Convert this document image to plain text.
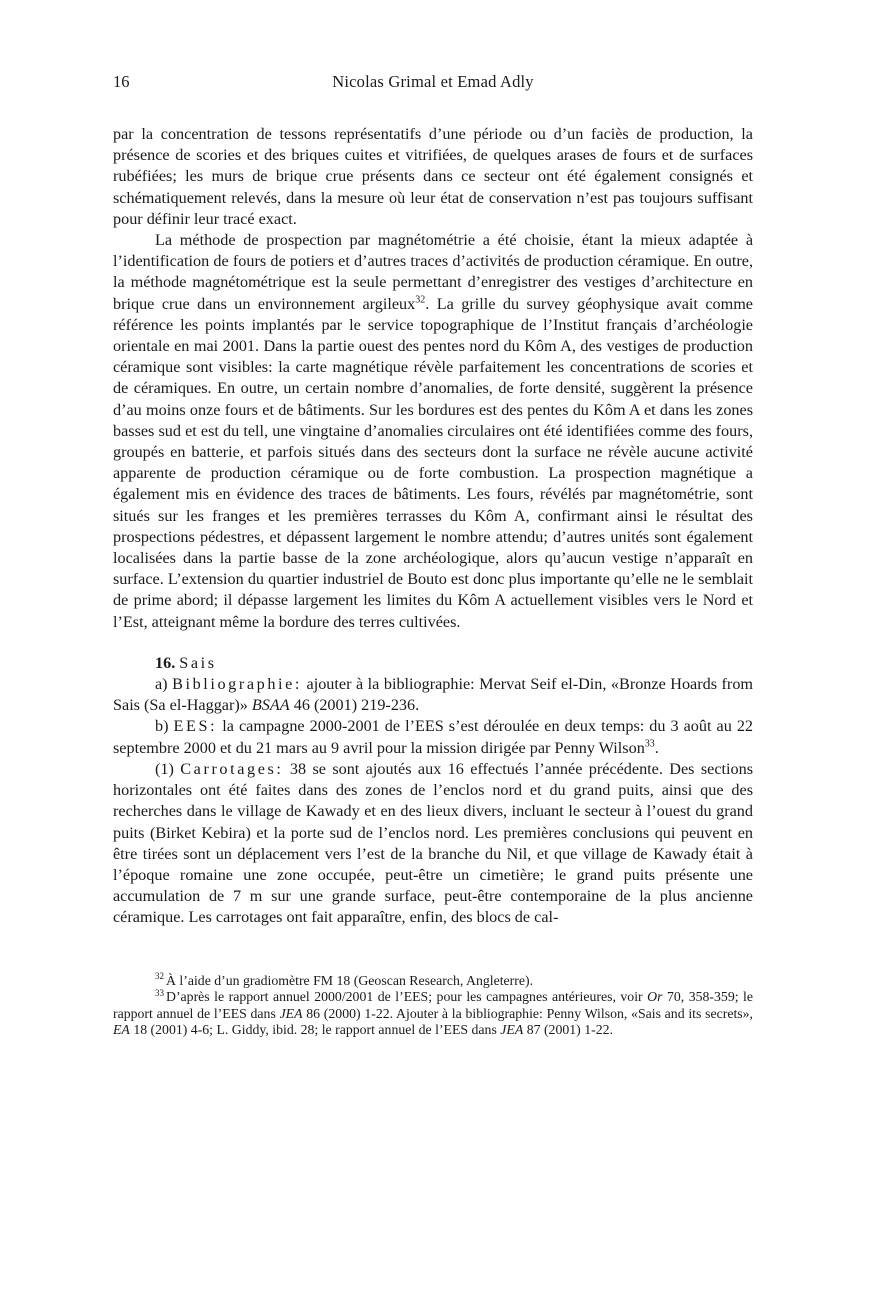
16	Nicolas Grimal et Emad Adly

par la concentration de tessons représentatifs d’une période ou d’un faciès de production, la présence de scories et des briques cuites et vitrifiées, de quelques arases de fours et de surfaces rubéfiées; les murs de brique crue présents dans ce secteur ont été également consignés et schématiquement relevés, dans la mesure où leur état de conservation n’est pas toujours suffisant pour définir leur tracé exact.

La méthode de prospection par magnétométrie a été choisie, étant la mieux adaptée à l’identification de fours de potiers et d’autres traces d’activités de production céramique. En outre, la méthode magnétométrique est la seule permettant d’enregistrer des vestiges d’architecture en brique crue dans un environnement argileux$^{32}$. La grille du survey géophysique avait comme référence les points implantés par le service topographique de l’Institut français d’archéologie orientale en mai 2001. Dans la partie ouest des pentes nord du Kôm A, des vestiges de production céramique sont visibles: la carte magnétique révèle parfaitement les concentrations de scories et de céramiques. En outre, un certain nombre d’anomalies, de forte densité, suggèrent la présence d’au moins onze fours et de bâtiments. Sur les bordures est des pentes du Kôm A et dans les zones basses sud et est du tell, une vingtaine d’anomalies circulaires ont été identifiées comme des fours, groupés en batterie, et parfois situés dans des secteurs dont la surface ne révèle aucune activité apparente de production céramique ou de forte combustion. La prospection magnétique a également mis en évidence des traces de bâtiments. Les fours, révélés par magnétométrie, sont situés sur les franges et les premières terrasses du Kôm A, confirmant ainsi le résultat des prospections pédestres, et dépassent largement le nombre attendu; d’autres unités sont également localisées dans la partie basse de la zone archéologique, alors qu’aucun vestige n’apparaît en surface. L’extension du quartier industriel de Bouto est donc plus importante qu’elle ne le semblait de prime abord; il dépasse largement les limites du Kôm A actuellement visibles vers le Nord et l’Est, atteignant même la bordure des terres cultivées.

16. Sais

a) Bibliographie: ajouter à la bibliographie: Mervat Seif el-Din, «Bronze Hoards from Sais (Sa el-Haggar)» BSAA 46 (2001) 219-236.

b) EES: la campagne 2000-2001 de l’EES s’est déroulée en deux temps: du 3 août au 22 septembre 2000 et du 21 mars au 9 avril pour la mission dirigée par Penny Wilson$^{33}$.

(1) Carrotages: 38 se sont ajoutés aux 16 effectués l’année précédente. Des sections horizontales ont été faites dans des zones de l’enclos nord et du grand puits, ainsi que des recherches dans le village de Kawady et en des lieux divers, incluant le secteur à l’ouest du grand puits (Birket Kebira) et la porte sud de l’enclos nord. Les premières conclusions qui peuvent en être tirées sont un déplacement vers l’est de la branche du Nil, et que village de Kawady était à l’époque romaine une zone occupée, peut-être un cimetière; le grand puits présente une accumulation de 7 m sur une grande surface, peut-être contemporaine de la plus ancienne céramique. Les carrotages ont fait apparaître, enfin, des blocs de cal-

$^{32}$ À l’aide d’un gradiomètre FM 18 (Geoscan Research, Angleterre).

$^{33}$ D’après le rapport annuel 2000/2001 de l’EES; pour les campagnes antérieures, voir Or 70, 358-359; le rapport annuel de l’EES dans JEA 86 (2000) 1-22. Ajouter à la bibliographie: Penny Wilson, «Sais and its secrets», EA 18 (2001) 4-6; L. Giddy, ibid. 28; le rapport annuel de l’EES dans JEA 87 (2001) 1-22.
